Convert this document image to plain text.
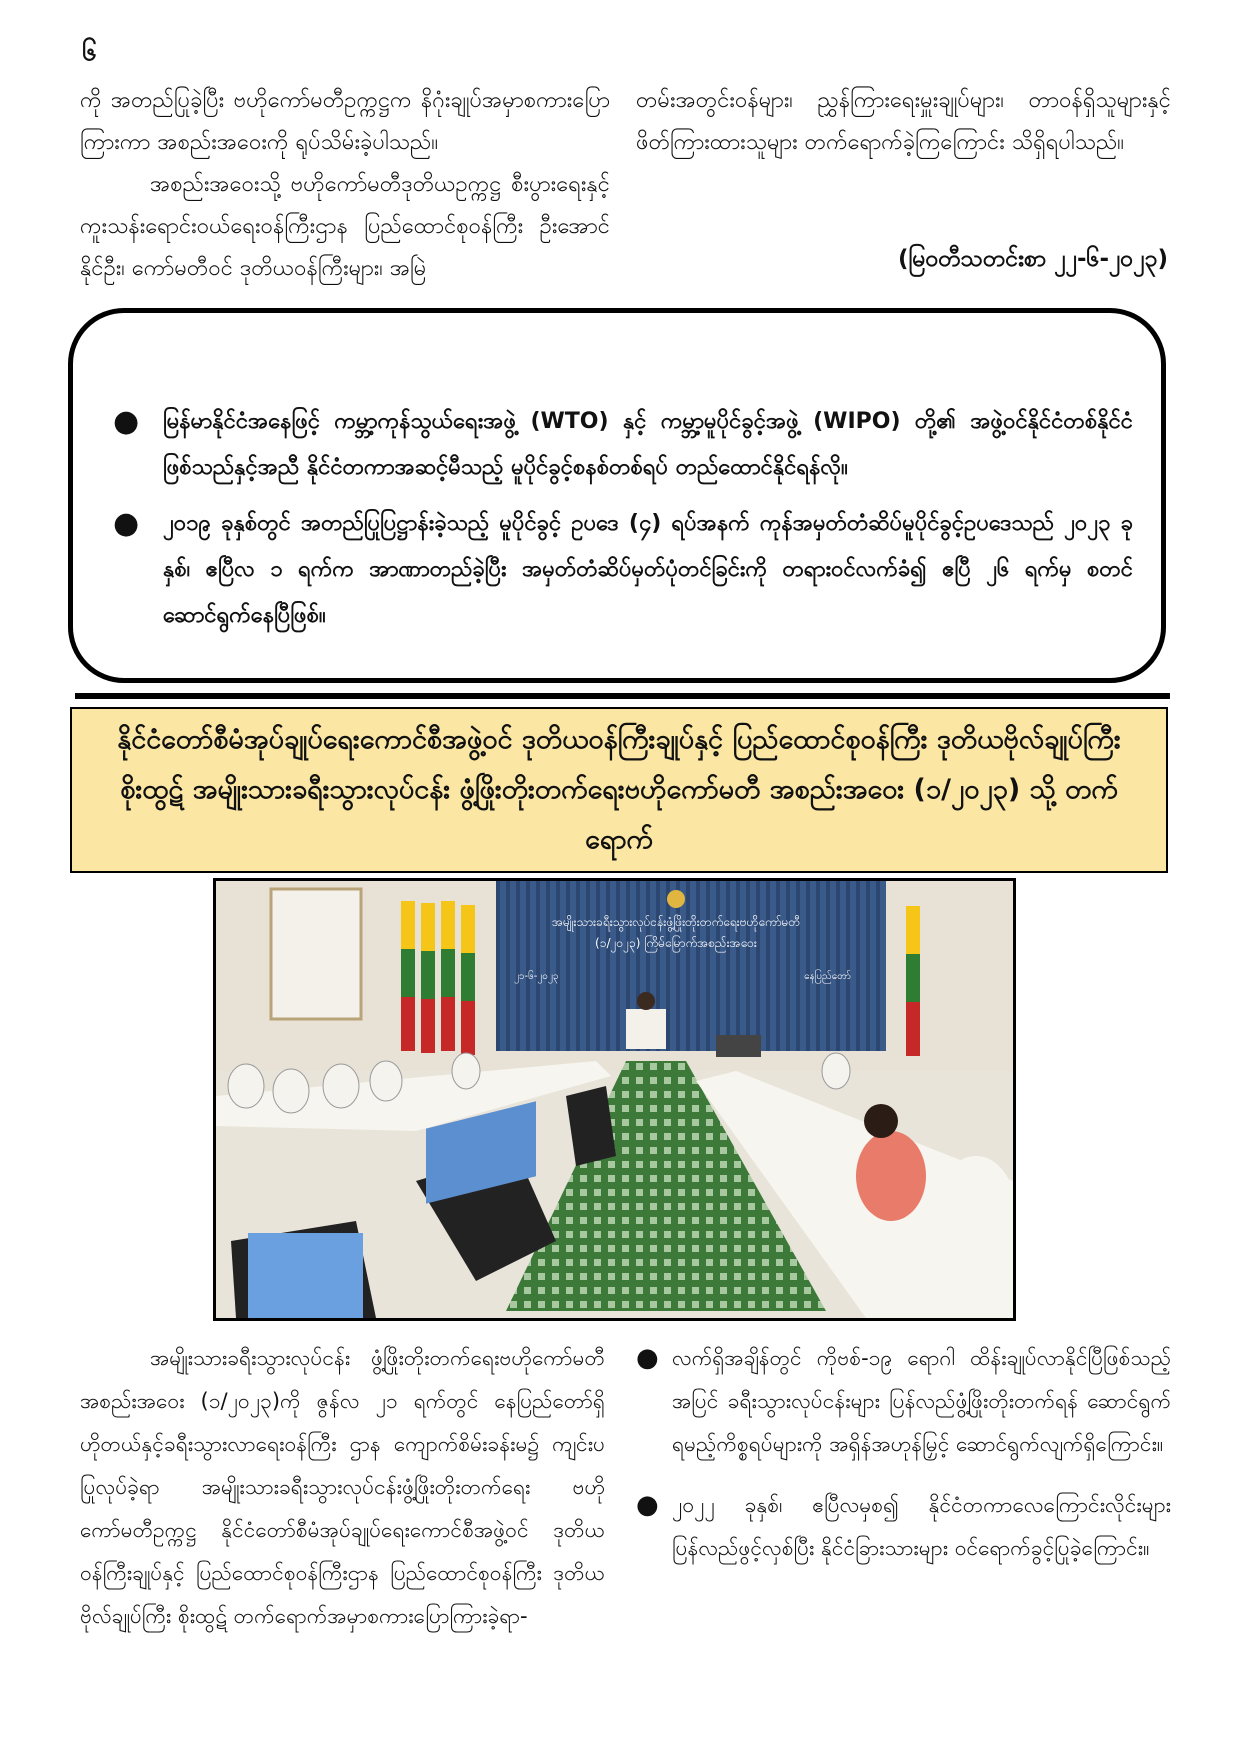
၆

ကို အတည်ပြုခဲ့ပြီး ဗဟိုကော်မတီဥက္ကဋ္ဌက နိဂုံးချုပ်အမှာစကားပြောကြားကာ အစည်းအဝေးကို ရုပ်သိမ်းခဲ့ပါသည်။

အစည်းအဝေးသို့ ဗဟိုကော်မတီဒုတိယဥက္ကဋ္ဌ စီးပွားရေးနှင့်ကူးသန်းရောင်းဝယ်ရေးဝန်ကြီးဌာန ပြည်ထောင်စုဝန်ကြီး ဦးအောင်နိုင်ဦး၊ ကော်မတီဝင် ဒုတိယဝန်ကြီးများ၊ အမြဲ

တမ်းအတွင်းဝန်များ၊ ညွှန်ကြားရေးမှူးချုပ်များ၊ တာဝန်ရှိသူများနှင့် ဖိတ်ကြားထားသူများ တက်ရောက်ခဲ့ကြကြောင်း သိရှိရပါသည်။

(မြဝတီသတင်းစာ ၂၂-၆-၂၀၂၃)
● မြန်မာနိုင်ငံအနေဖြင့် ကမ္ဘာ့ကုန်သွယ်ရေးအဖွဲ့ (WTO) နှင့် ကမ္ဘာ့မူပိုင်ခွင့်အဖွဲ့ (WIPO) တို့၏ အဖွဲ့ဝင်နိုင်ငံတစ်နိုင်ငံဖြစ်သည်နှင့်အညီ နိုင်ငံတကာအဆင့်မီသည့် မူပိုင်ခွင့်စနစ်တစ်ရပ် တည်ထောင်နိုင်ရန်လို။
● ၂၀၁၉ ခုနှစ်တွင် အတည်ပြုပြဋ္ဌာန်းခဲ့သည့် မူပိုင်ခွင့် ဥပဒေ (၄) ရပ်အနက် ကုန်အမှတ်တံဆိပ်မူပိုင်ခွင့်ဥပဒေသည် ၂၀၂၃ ခုနှစ်၊ ဧပြီလ ၁ ရက်က အာဏာတည်ခဲ့ပြီး အမှတ်တံဆိပ်မှတ်ပုံတင်ခြင်းကို တရားဝင်လက်ခံ၍ ဧပြီ ၂၆ ရက်မှ စတင်ဆောင်ရွက်နေပြီဖြစ်။
နိုင်ငံတော်စီမံအုပ်ချုပ်ရေးကောင်စီအဖွဲ့ဝင် ဒုတိယဝန်ကြီးချုပ်နှင့် ပြည်ထောင်စုဝန်ကြီး ဒုတိယဗိုလ်ချုပ်ကြီးစိုးထွဋ် အမျိုးသားခရီးသွားလုပ်ငန်း ဖွံ့ဖြိုးတိုးတက်ရေးဗဟိုကော်မတီ အစည်းအဝေး (၁/၂၀၂၃) သို့ တက်ရောက်
အမျိုးသားခရီးသွားလုပ်ငန်းဖွံ့ဖြိုးတိုးတက်ရေးဗဟိုကော်မတီ
(၁/၂၀၂၃) ကြိမ်မြောက်အစည်းအဝေး
၂၁-၆-၂၀၂၃	နေပြည်တော်

အမျိုးသားခရီးသွားလုပ်ငန်း ဖွံ့ဖြိုးတိုးတက်ရေးဗဟိုကော်မတီအစည်းအဝေး (၁/၂၀၂၃)ကို ဇွန်လ ၂၁ ရက်တွင် နေပြည်တော်ရှိ ဟိုတယ်နှင့်ခရီးသွားလာရေးဝန်ကြီး ဌာန ကျောက်စိမ်းခန်းမ၌ ကျင်းပပြုလုပ်ခဲ့ရာ အမျိုးသားခရီးသွားလုပ်ငန်းဖွံ့ဖြိုးတိုးတက်ရေး ဗဟိုကော်မတီဥက္ကဋ္ဌ နိုင်ငံတော်စီမံအုပ်ချုပ်ရေးကောင်စီအဖွဲ့ဝင် ဒုတိယဝန်ကြီးချုပ်နှင့် ပြည်ထောင်စုဝန်ကြီးဌာန ပြည်ထောင်စုဝန်ကြီး ဒုတိယဗိုလ်ချုပ်ကြီး စိုးထွဋ် တက်ရောက်အမှာစကားပြောကြားခဲ့ရာ-

● လက်ရှိအချိန်တွင် ကိုဗစ်-၁၉ ရောဂါ ထိန်းချုပ်လာနိုင်ပြီဖြစ်သည့်အပြင် ခရီးသွားလုပ်ငန်းများ ပြန်လည်ဖွံ့ဖြိုးတိုးတက်ရန် ဆောင်ရွက်ရမည့်ကိစ္စရပ်များကို အရှိန်အဟုန်မြှင့် ဆောင်ရွက်လျက်ရှိကြောင်း။
● ၂၀၂၂ ခုနှစ်၊ ဧပြီလမှစ၍ နိုင်ငံတကာလေကြောင်းလိုင်းများ ပြန်လည်ဖွင့်လှစ်ပြီး နိုင်ငံခြားသားများ ဝင်ရောက်ခွင့်ပြုခဲ့ကြောင်း။
